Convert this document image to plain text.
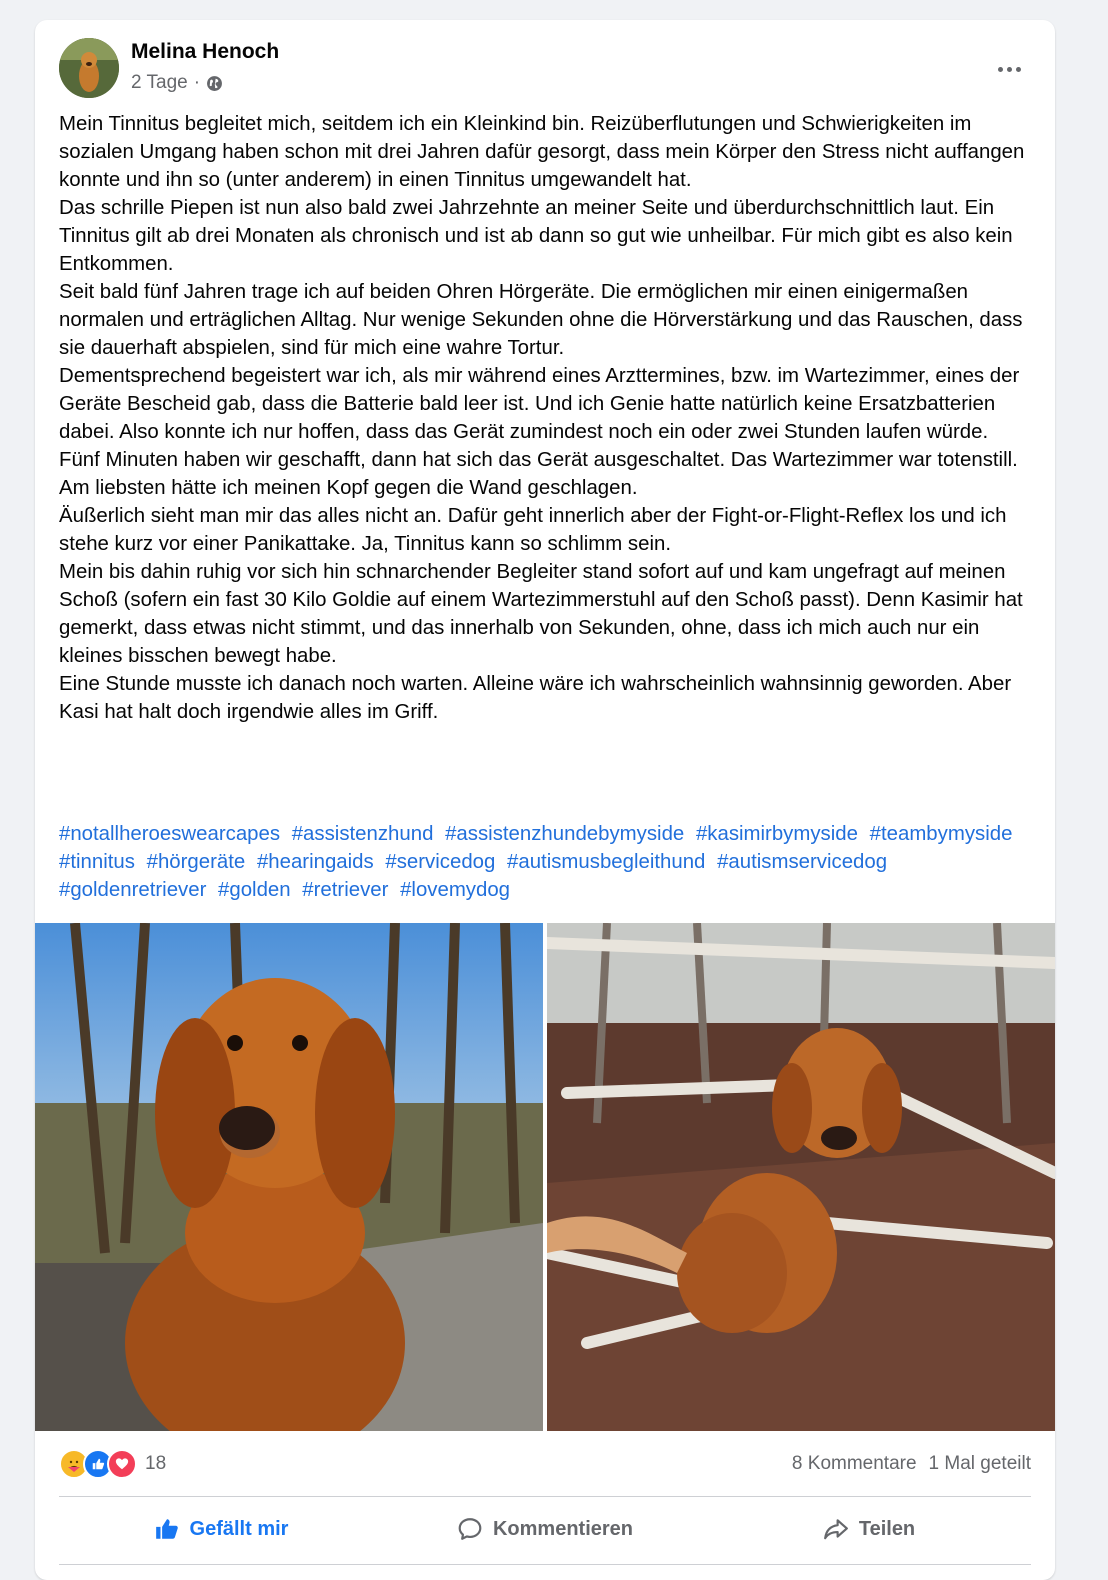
Melina Henoch
2 Tage ·

Mein Tinnitus begleitet mich, seitdem ich ein Kleinkind bin. Reizüberflutungen und Schwierigkeiten im sozialen Umgang haben schon mit drei Jahren dafür gesorgt, dass mein Körper den Stress nicht auffangen konnte und ihn so (unter anderem) in einen Tinnitus umgewandelt hat.

Das schrille Piepen ist nun also bald zwei Jahrzehnte an meiner Seite und überdurchschnittlich laut. Ein Tinnitus gilt ab drei Monaten als chronisch und ist ab dann so gut wie unheilbar. Für mich gibt es also kein Entkommen.

Seit bald fünf Jahren trage ich auf beiden Ohren Hörgeräte. Die ermöglichen mir einen einigermaßen normalen und erträglichen Alltag. Nur wenige Sekunden ohne die Hörverstärkung und das Rauschen, dass sie dauerhaft abspielen, sind für mich eine wahre Tortur.

Dementsprechend begeistert war ich, als mir während eines Arzttermines, bzw. im Wartezimmer, eines der Geräte Bescheid gab, dass die Batterie bald leer ist. Und ich Genie hatte natürlich keine Ersatzbatterien dabei. Also konnte ich nur hoffen, dass das Gerät zumindest noch ein oder zwei Stunden laufen würde.

Fünf Minuten haben wir geschafft, dann hat sich das Gerät ausgeschaltet. Das Wartezimmer war totenstill. Am liebsten hätte ich meinen Kopf gegen die Wand geschlagen.

Äußerlich sieht man mir das alles nicht an. Dafür geht innerlich aber der Fight-or-Flight-Reflex los und ich stehe kurz vor einer Panikattake. Ja, Tinnitus kann so schlimm sein.

Mein bis dahin ruhig vor sich hin schnarchender Begleiter stand sofort auf und kam ungefragt auf meinen Schoß (sofern ein fast 30 Kilo Goldie auf einem Wartezimmerstuhl auf den Schoß passt). Denn Kasimir hat gemerkt, dass etwas nicht stimmt, und das innerhalb von Sekunden, ohne, dass ich mich auch nur ein kleines bisschen bewegt habe.

Eine Stunde musste ich danach noch warten. Alleine wäre ich wahrscheinlich wahnsinnig geworden. Aber Kasi hat halt doch irgendwie alles im Griff.

#notallheroeswearcapes #assistenzhund #assistenzhundebymyside #kasimirbymyside #teambymyside #tinnitus #hörgeräte #hearingaids #servicedog #autismusbegleithund #autismservicedog #goldenretriever #golden #retriever #lovemydog
18	8 Kommentare 1 Mal geteilt
Gefällt mir	Kommentieren	Teilen
